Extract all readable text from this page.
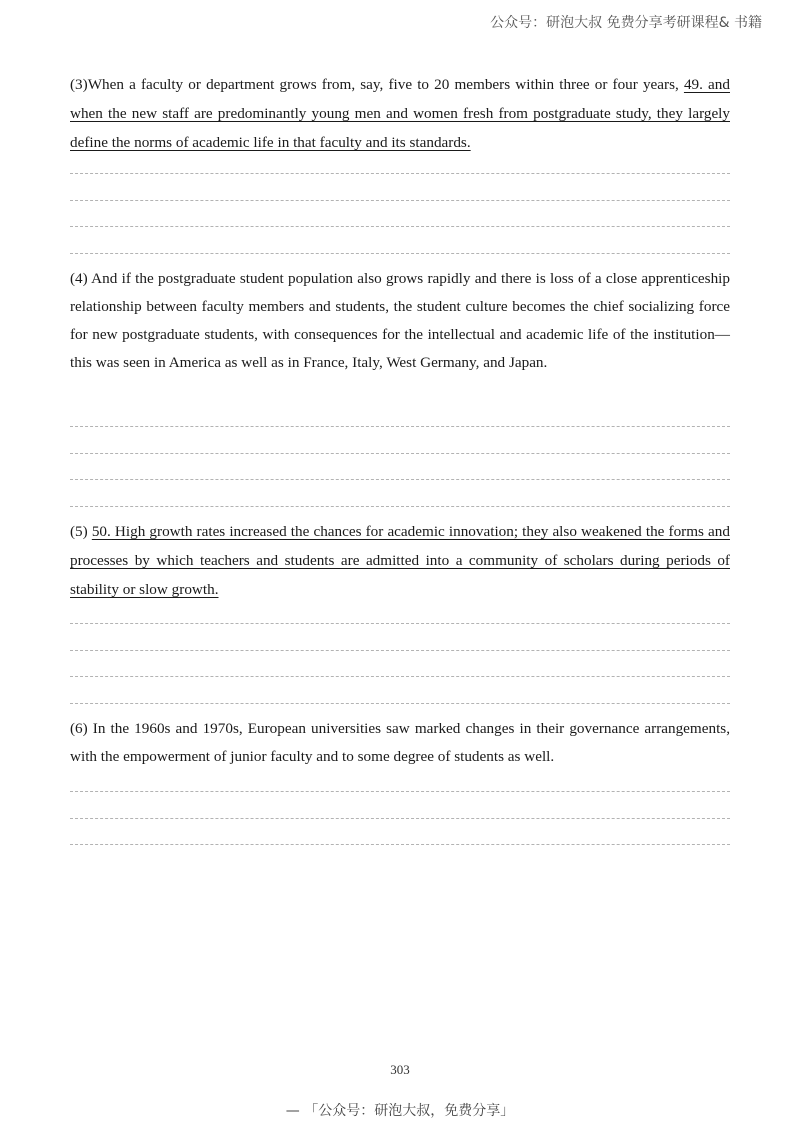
公众号：研泡大叔 免费分享考研课程& 书籍

(3)When a faculty or department grows from, say, five to 20 members within three or four years, 49. and when the new staff are predominantly young men and women fresh from postgraduate study, they largely define the norms of academic life in that faculty and its standards.

(4) And if the postgraduate student population also grows rapidly and there is loss of a close apprenticeship relationship between faculty members and students, the student culture becomes the chief socializing force for new postgraduate students, with consequences for the intellectual and academic life of the institution—this was seen in America as well as in France, Italy, West Germany, and Japan.

(5) 50. High growth rates increased the chances for academic innovation; they also weakened the forms and processes by which teachers and students are admitted into a community of scholars during periods of stability or slow growth.

(6) In the 1960s and 1970s, European universities saw marked changes in their governance arrangements, with the empowerment of junior faculty and to some degree of students as well.

303
— 「公众号：研泡大叔，免费分享」
